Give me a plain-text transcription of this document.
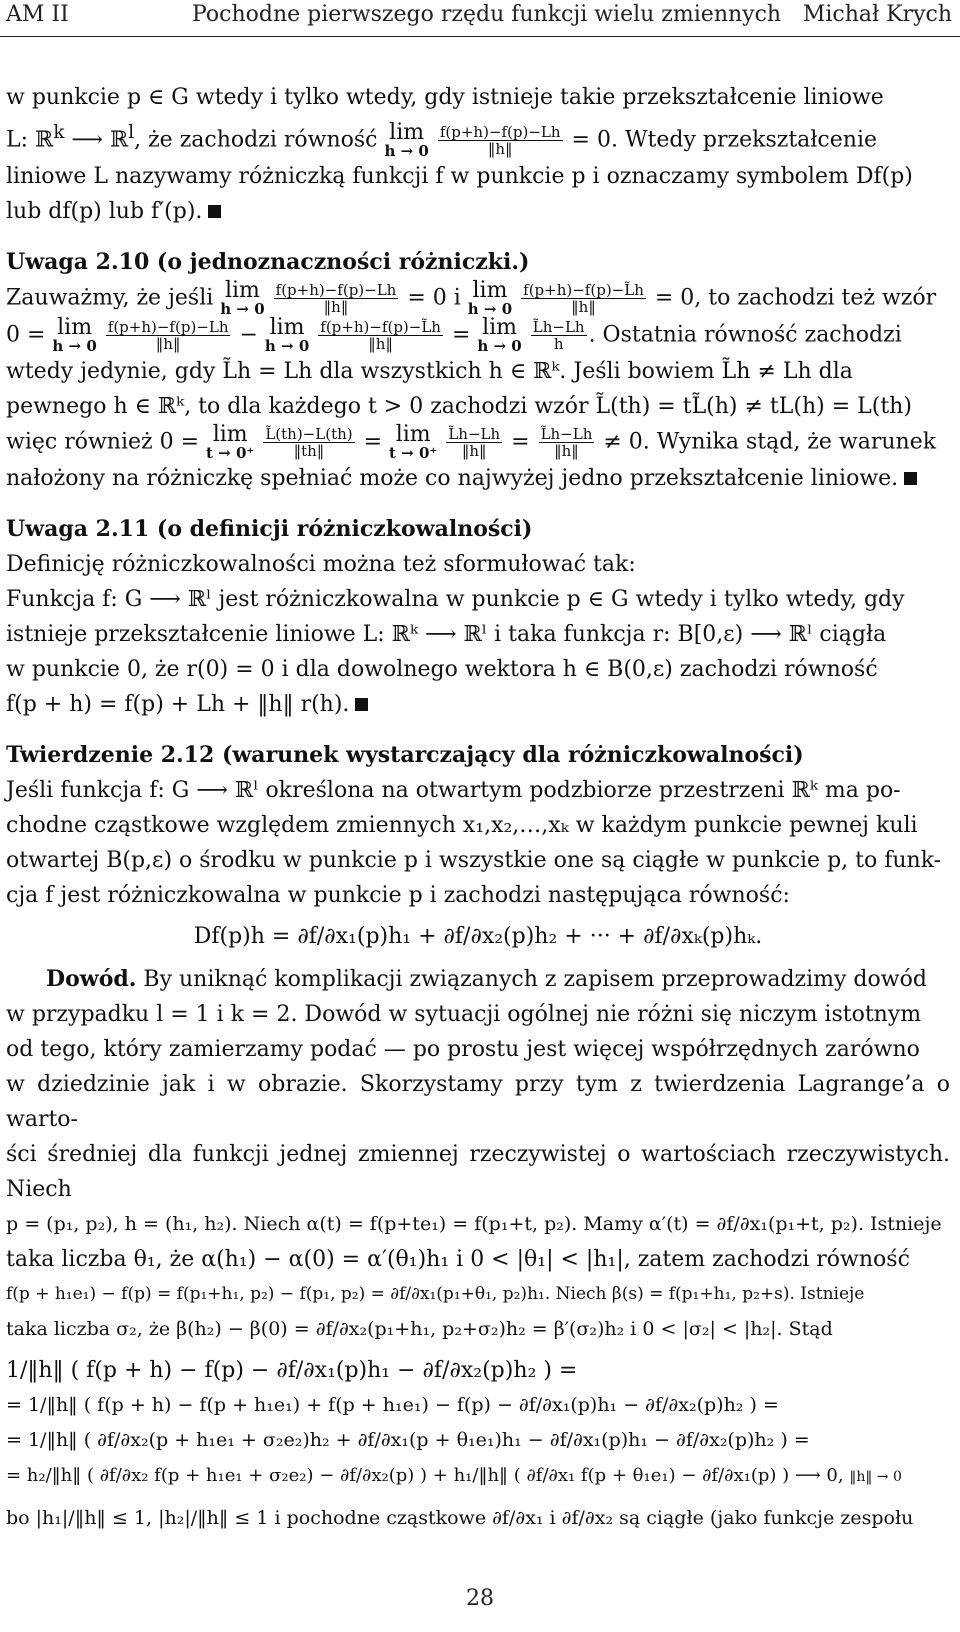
AM II	Pochodne pierwszego rzędu funkcji wielu zmiennych Michał Krych
w punkcie p ∈ G wtedy i tylko wtedy, gdy istnieje takie przekształcenie liniowe
L: ℝ$^k$ ⟶ ℝ$^l$, że zachodzi równość lim
h → 0
$\frac{f(p+h)-f(p)-Lh}{‖h‖} = 0$. Wtedy przekształcenie
liniowe L nazywamy różniczką funkcji f w punkcie p i oznaczamy symbolem Df(p)
lub df(p) lub f′(p).
Uwaga 2.10 (o jednoznaczności różniczki.)
Zauważmy, że jeśli lim
h → 0
$\frac{f(p+h)-f(p)-Lh}{‖h‖} = 0$ i lim
h → 0
$\frac{f(p+h)-f(p)-L̃h}{‖h‖} = 0$, to zachodzi też wzór
0 = lim
h → 0
$\frac{f(p+h)-f(p)-Lh}{‖h‖} - \lim$
h → 0
$\frac{f(p+h)-f(p)-L̃h}{‖h‖} = \lim$
h → 0
$\frac{L̃h-Lh}{h}$ . Ostatnia równość zachodzi
wtedy jedynie, gdy L̃h = Lh dla wszystkich h ∈ ℝᵏ. Jeśli bowiem L̃h ≠ Lh dla
pewnego h ∈ ℝᵏ, to dla każdego t > 0 zachodzi wzór L̃(th) = tL̃(h) ≠ tL(h) = L(th)
więc również 0 = lim
t → 0⁺
$\frac{L̃(th)-L(th)}{‖th‖} = \lim$
t → 0⁺
$\frac{L̃h-Lh}{‖h‖} = \frac{L̃h-Lh}{‖h‖} \ne 0$. Wynika stąd, że warunek
nałożony na różniczkę spełniać może co najwyżej jedno przekształcenie liniowe.
Uwaga 2.11 (o definicji różniczkowalności)
Definicję różniczkowalności można też sformułować tak:
Funkcja f: G ⟶ ℝˡ jest różniczkowalna w punkcie p ∈ G wtedy i tylko wtedy, gdy
istnieje przekształcenie liniowe L: ℝᵏ ⟶ ℝˡ i taka funkcja r: B[0,ε) ⟶ ℝˡ ciągła
w punkcie 0, że r(0) = 0 i dla dowolnego wektora h ∈ B(0,ε) zachodzi równość
f(p + h) = f(p) + Lh + ‖h‖ r(h).
Twierdzenie 2.12 (warunek wystarczający dla różniczkowalności)
Jeśli funkcja f: G ⟶ ℝˡ określona na otwartym podzbiorze przestrzeni ℝᵏ ma po-
chodne cząstkowe względem zmiennych x₁,x₂,…,xₖ w każdym punkcie pewnej kuli
otwartej B(p,ε) o środku w punkcie p i wszystkie one są ciągłe w punkcie p, to funk-
cja f jest różniczkowalna w punkcie p i zachodzi następująca równość:
Df(p)h = ∂f/∂x₁(p)h₁ + ∂f/∂x₂(p)h₂ + ··· + ∂f/∂xₖ(p)hₖ.
Dowód. By uniknąć komplikacji związanych z zapisem przeprowadzimy dowód
w przypadku l = 1 i k = 2. Dowód w sytuacji ogólnej nie różni się niczym istotnym
od tego, który zamierzamy podać — po prostu jest więcej współrzędnych zarówno
w dziedzinie jak i w obrazie. Skorzystamy przy tym z twierdzenia Lagrange’a o warto-
ści średniej dla funkcji jednej zmiennej rzeczywistej o wartościach rzeczywistych. Niech
p = (p₁, p₂), h = (h₁, h₂). Niech α(t) = f(p+te₁) = f(p₁+t, p₂). Mamy α′(t) = ∂f/∂x₁(p₁+t, p₂). Istnieje
taka liczba θ₁, że α(h₁) − α(0) = α′(θ₁)h₁ i 0 < |θ₁| < |h₁|, zatem zachodzi równość
f(p + h₁e₁) − f(p) = f(p₁+h₁, p₂) − f(p₁, p₂) = ∂f/∂x₁(p₁+θ₁, p₂)h₁. Niech β(s) = f(p₁+h₁, p₂+s). Istnieje
taka liczba σ₂, że β(h₂) − β(0) = ∂f/∂x₂(p₁+h₁, p₂+σ₂)h₂ = β′(σ₂)h₂ i 0 < |σ₂| < |h₂|. Stąd
1/‖h‖ ( f(p + h) − f(p) − ∂f/∂x₁(p)h₁ − ∂f/∂x₂(p)h₂ ) =
= 1/‖h‖ ( f(p + h) − f(p + h₁e₁) + f(p + h₁e₁) − f(p) − ∂f/∂x₁(p)h₁ − ∂f/∂x₂(p)h₂ ) =
= 1/‖h‖ ( ∂f/∂x₂(p + h₁e₁ + σ₂e₂)h₂ + ∂f/∂x₁(p + θ₁e₁)h₁ − ∂f/∂x₁(p)h₁ − ∂f/∂x₂(p)h₂ ) =
= h₂/‖h‖ ( ∂f/∂x₂ f(p + h₁e₁ + σ₂e₂) − ∂f/∂x₂(p) ) + h₁/‖h‖ ( ∂f/∂x₁ f(p + θ₁e₁) − ∂f/∂x₁(p) ) ⟶ 0, ‖h‖ → 0
bo |h₁|/‖h‖ ≤ 1, |h₂|/‖h‖ ≤ 1 i pochodne cząstkowe ∂f/∂x₁ i ∂f/∂x₂ są ciągłe (jako funkcje zespołu
28
